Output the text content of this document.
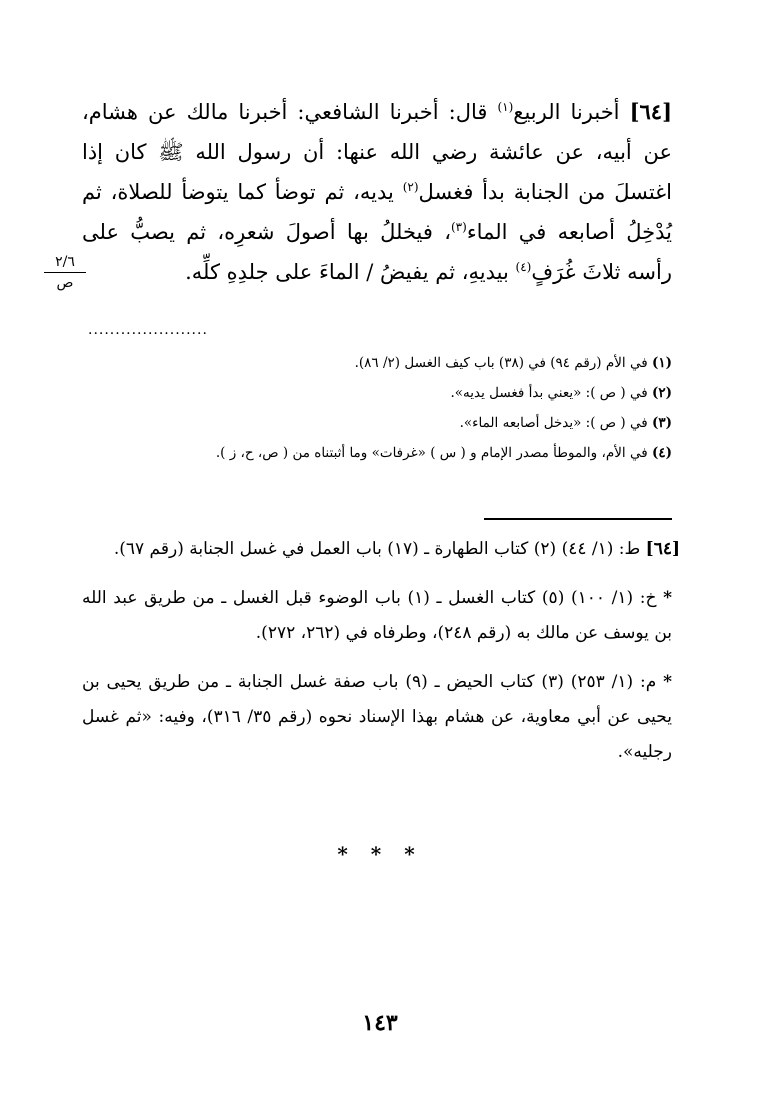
[٦٤] أخبرنا الربيع$^{(١)}$ قال: أخبرنا الشافعي: أخبرنا مالك عن هشام، عن أبيه، عن عائشة رضي الله عنها: أن رسول الله ﷺ كان إذا اغتسلَ من الجنابة بدأ فغسل$^{(٢)}$ يديه، ثم توضأ كما يتوضأ للصلاة، ثم يُدْخِلُ أصابعه في الماء$^{(٣)}$، فيخللُ بها أصولَ شعرِه، ثم يصبُّ على رأسه ثلاثَ غُرَفٍ$^{(٤)}$ بيديهِ، ثم يفيضُ / الماءَ على جلدِهِ كلِّه.

٢/٦
ص
......................

(١) في الأم (رقم ٩٤) في (٣٨) باب كيف الغسل (٢/ ٨٦).

(٢) في ( ص ): «يعني بدأ فغسل يديه».

(٣) في ( ص ): «يدخل أصابعه الماء».

(٤) في الأم، والموطأ مصدر الإمام و ( س ) «غرفات» وما أثبتناه من ( ص، ح، ز ).

[٦٤] ط: (١/ ٤٤) (٢) كتاب الطهارة ـ (١٧) باب العمل في غسل الجنابة (رقم ٦٧).

* خ: (١/ ١٠٠) (٥) كتاب الغسل ـ (١) باب الوضوء قبل الغسل ـ من طريق عبد الله بن يوسف عن مالك به (رقم ٢٤٨)، وطرفاه في (٢٦٢، ٢٧٢).

* م: (١/ ٢٥٣) (٣) كتاب الحيض ـ (٩) باب صفة غسل الجنابة ـ من طريق يحيى بن يحيى عن أبي معاوية، عن هشام بهذا الإسناد نحوه (رقم ٣٥/ ٣١٦)، وفيه: «ثم غسل رجليه».

* * *
١٤٣
